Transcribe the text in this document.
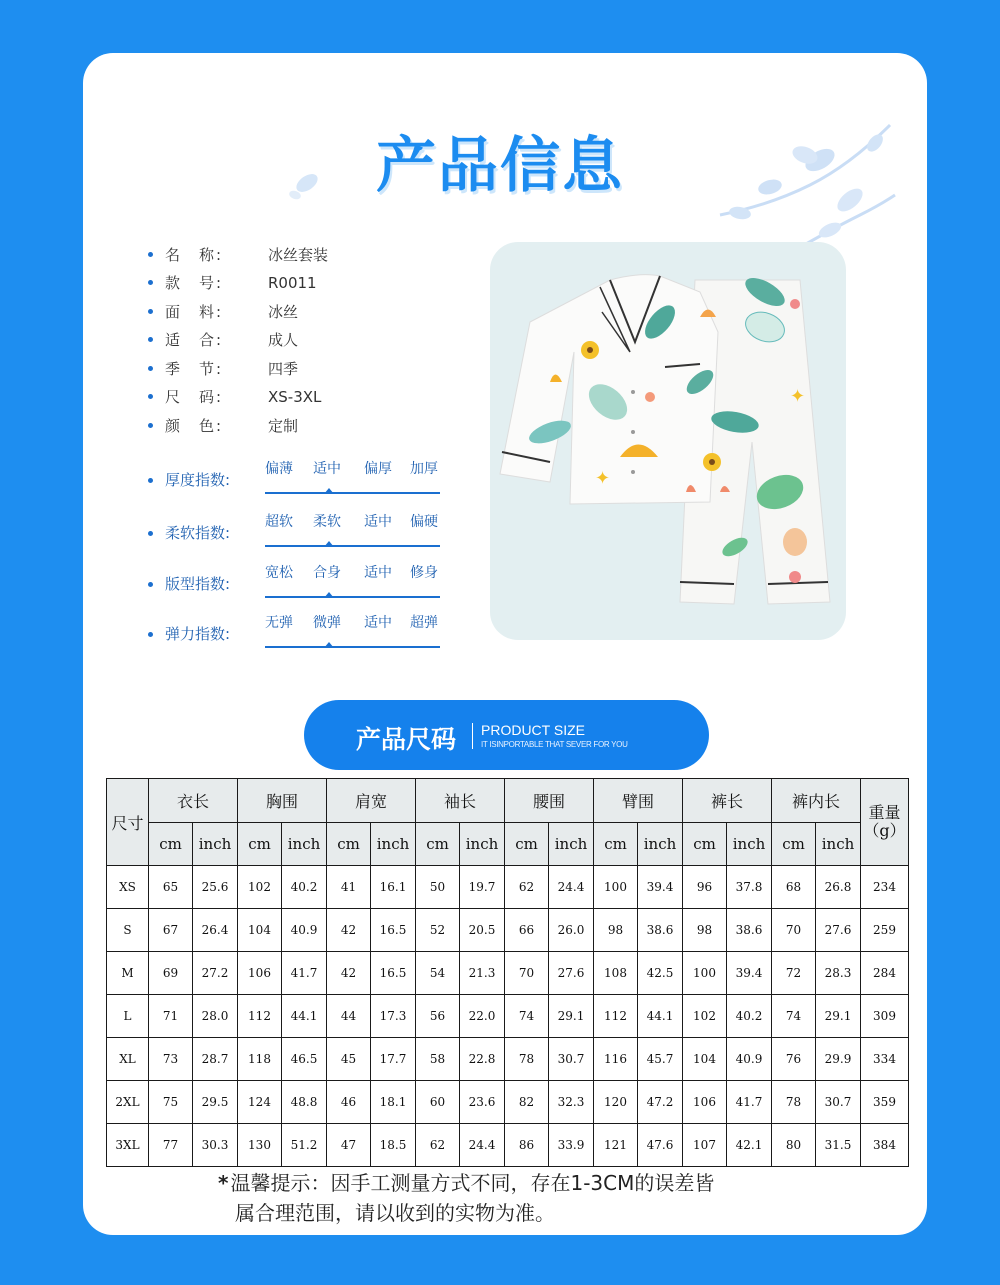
产品信息
名　称:	冰丝套装
款　号:	R0011
面　料:	冰丝
适　合:	成人
季　节:	四季
尺　码:	XS-3XL
颜　色:	定制
厚度指数:
偏薄 适中 偏厚 加厚
柔软指数:
超软 柔软 适中 偏硬
版型指数:
宽松 合身 适中 修身
弹力指数:
无弹 微弹 适中 超弹
✦
✦
产品尺码 PRODUCT SIZE
IT ISINPORTABLE THAT SEVER FOR YOU
尺寸	衣长		胸围		肩宽		袖长		腰围		臂围		裤长		裤内长		重量
（g）
	cm	inch	cm	inch	cm	inch	cm	inch	cm	inch	cm	inch	cm	inch	cm	inch	
XS	65	25.6	102	40.2	41	16.1	50	19.7	62	24.4	100	39.4	96	37.8	68	26.8	234
S	67	26.4	104	40.9	42	16.5	52	20.5	66	26.0	98	38.6	98	38.6	70	27.6	259
M	69	27.2	106	41.7	42	16.5	54	21.3	70	27.6	108	42.5	100	39.4	72	28.3	284
L	71	28.0	112	44.1	44	17.3	56	22.0	74	29.1	112	44.1	102	40.2	74	29.1	309
XL	73	28.7	118	46.5	45	17.7	58	22.8	78	30.7	116	45.7	104	40.9	76	29.9	334
2XL	75	29.5	124	48.8	46	18.1	60	23.6	82	32.3	120	47.2	106	41.7	78	30.7	359
3XL	77	30.3	130	51.2	47	18.5	62	24.4	86	33.9	121	47.6	107	42.1	80	31.5	384
* 温馨提示：因手工测量方式不同，存在1-3CM的误差皆
属合理范围，请以收到的实物为准。
